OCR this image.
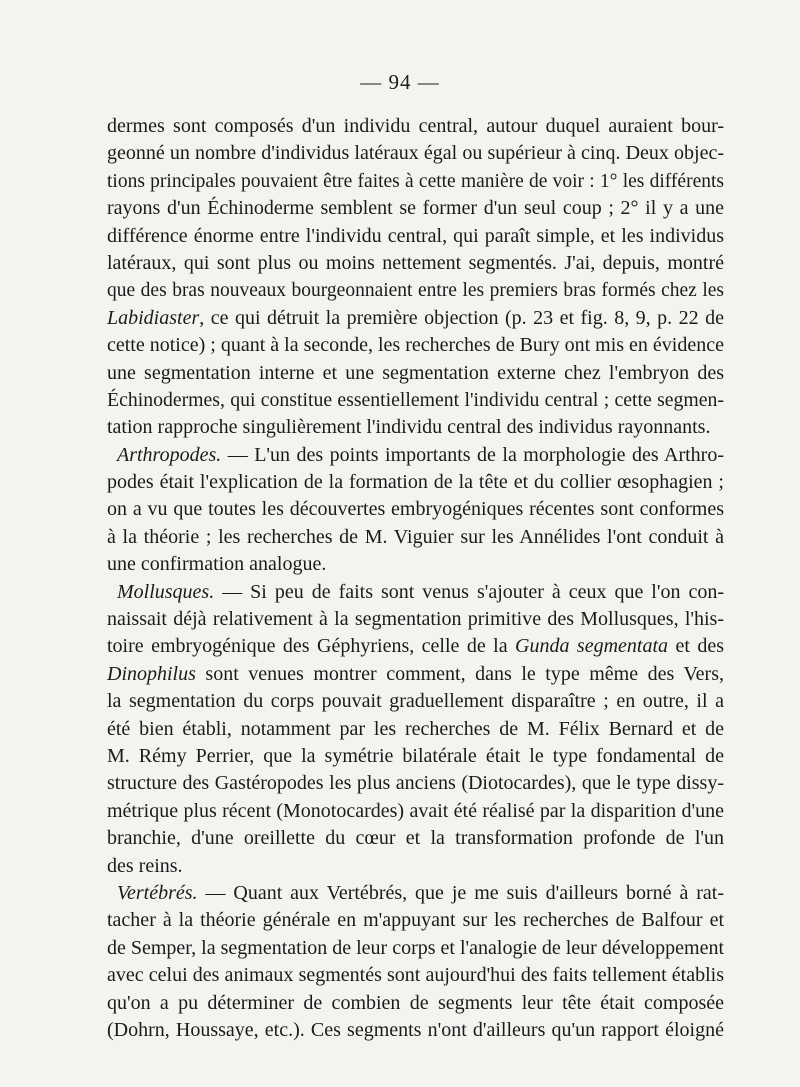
— 94 —
dermes sont composés d'un individu central, autour duquel auraient bour-
geonné un nombre d'individus latéraux égal ou supérieur à cinq. Deux objec-
tions principales pouvaient être faites à cette manière de voir : 1° les différents
rayons d'un Échinoderme semblent se former d'un seul coup ; 2° il y a une
différence énorme entre l'individu central, qui paraît simple, et les individus
latéraux, qui sont plus ou moins nettement segmentés. J'ai, depuis, montré
que des bras nouveaux bourgeonnaient entre les premiers bras formés chez les
Labidiaster, ce qui détruit la première objection (p. 23 et fig. 8, 9, p. 22 de
cette notice) ; quant à la seconde, les recherches de Bury ont mis en évidence
une segmentation interne et une segmentation externe chez l'embryon des
Échinodermes, qui constitue essentiellement l'individu central ; cette segmen-
tation rapproche singulièrement l'individu central des individus rayonnants.
Arthropodes. — L'un des points importants de la morphologie des Arthro-
podes était l'explication de la formation de la tête et du collier œsophagien ;
on a vu que toutes les découvertes embryogéniques récentes sont conformes
à la théorie ; les recherches de M. Viguier sur les Annélides l'ont conduit à
une confirmation analogue.
Mollusques. — Si peu de faits sont venus s'ajouter à ceux que l'on con-
naissait déjà relativement à la segmentation primitive des Mollusques, l'his-
toire embryogénique des Géphyriens, celle de la Gunda segmentata et des
Dinophilus sont venues montrer comment, dans le type même des Vers,
la segmentation du corps pouvait graduellement disparaître ; en outre, il a
été bien établi, notamment par les recherches de M. Félix Bernard et de
M. Rémy Perrier, que la symétrie bilatérale était le type fondamental de
structure des Gastéropodes les plus anciens (Diotocardes), que le type dissy-
métrique plus récent (Monotocardes) avait été réalisé par la disparition d'une
branchie, d'une oreillette du cœur et la transformation profonde de l'un
des reins.
Vertébrés. — Quant aux Vertébrés, que je me suis d'ailleurs borné à rat-
tacher à la théorie générale en m'appuyant sur les recherches de Balfour et
de Semper, la segmentation de leur corps et l'analogie de leur développement
avec celui des animaux segmentés sont aujourd'hui des faits tellement établis
qu'on a pu déterminer de combien de segments leur tête était composée
(Dohrn, Houssaye, etc.). Ces segments n'ont d'ailleurs qu'un rapport éloigné
